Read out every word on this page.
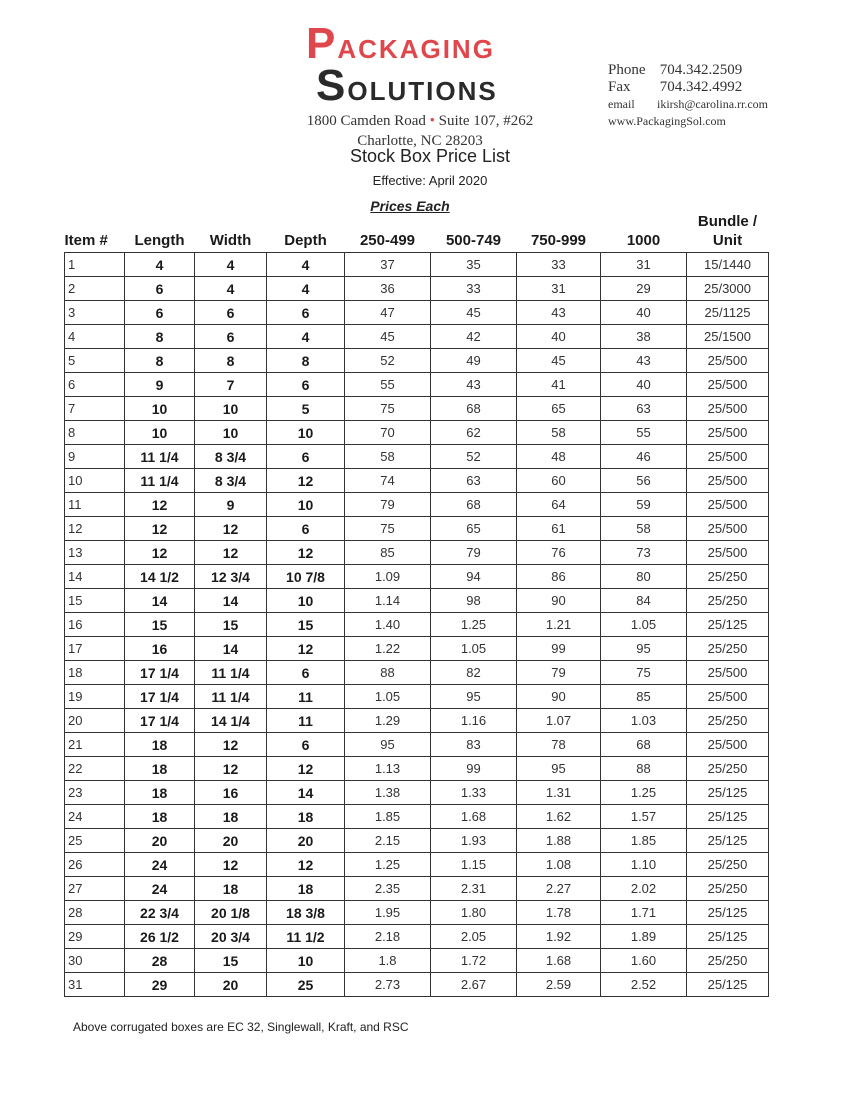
PACKAGING
SOLUTIONS
1800 Camden Road • Suite 107, #262
Charlotte, NC 28203
Phone 704.342.2509
Fax 704.342.4992
email ikirsh@carolina.rr.com
www.PackagingSol.com
Stock Box Price List
Effective: April 2020
Prices Each
Item #	Length	Width	Depth	250-499	500-749	750-999	1000	Bundle / Unit
1	4	4	4	37	35	33	31	15/1440
2	6	4	4	36	33	31	29	25/3000
3	6	6	6	47	45	43	40	25/1125
4	8	6	4	45	42	40	38	25/1500
5	8	8	8	52	49	45	43	25/500
6	9	7	6	55	43	41	40	25/500
7	10	10	5	75	68	65	63	25/500
8	10	10	10	70	62	58	55	25/500
9	11 1/4	8 3/4	6	58	52	48	46	25/500
10	11 1/4	8 3/4	12	74	63	60	56	25/500
11	12	9	10	79	68	64	59	25/500
12	12	12	6	75	65	61	58	25/500
13	12	12	12	85	79	76	73	25/500
14	14 1/2	12 3/4	10 7/8	1.09	94	86	80	25/250
15	14	14	10	1.14	98	90	84	25/250
16	15	15	15	1.40	1.25	1.21	1.05	25/125
17	16	14	12	1.22	1.05	99	95	25/250
18	17 1/4	11 1/4	6	88	82	79	75	25/500
19	17 1/4	11 1/4	11	1.05	95	90	85	25/500
20	17 1/4	14 1/4	11	1.29	1.16	1.07	1.03	25/250
21	18	12	6	95	83	78	68	25/500
22	18	12	12	1.13	99	95	88	25/250
23	18	16	14	1.38	1.33	1.31	1.25	25/125
24	18	18	18	1.85	1.68	1.62	1.57	25/125
25	20	20	20	2.15	1.93	1.88	1.85	25/125
26	24	12	12	1.25	1.15	1.08	1.10	25/250
27	24	18	18	2.35	2.31	2.27	2.02	25/250
28	22 3/4	20 1/8	18 3/8	1.95	1.80	1.78	1.71	25/125
29	26 1/2	20 3/4	11 1/2	2.18	2.05	1.92	1.89	25/125
30	28	15	10	1.8	1.72	1.68	1.60	25/250
31	29	20	25	2.73	2.67	2.59	2.52	25/125
Above corrugated boxes are EC 32, Singlewall, Kraft, and RSC
